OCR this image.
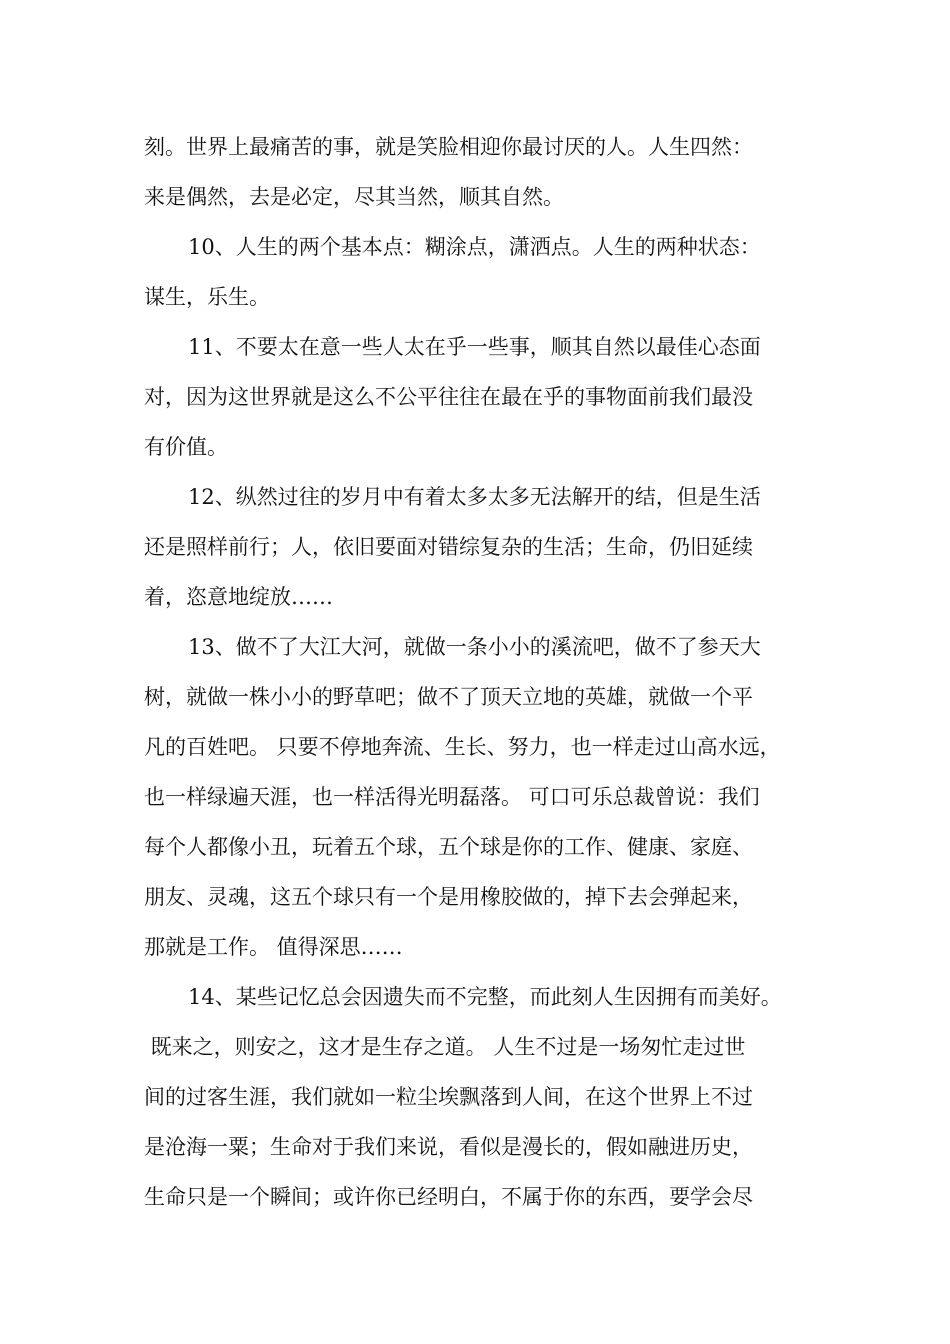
刻。世界上最痛苦的事，就是笑脸相迎你最讨厌的人。人生四然：
来是偶然，去是必定，尽其当然，顺其自然。
10、人生的两个基本点：糊涂点，潇洒点。人生的两种状态：
谋生，乐生。
11、不要太在意一些人太在乎一些事，顺其自然以最佳心态面
对，因为这世界就是这么不公平往往在最在乎的事物面前我们最没
有价值。
12、纵然过往的岁月中有着太多太多无法解开的结，但是生活
还是照样前行；人，依旧要面对错综复杂的生活；生命，仍旧延续
着，恣意地绽放……
13、做不了大江大河，就做一条小小的溪流吧，做不了参天大
树，就做一株小小的野草吧；做不了顶天立地的英雄，就做一个平
凡的百姓吧。 只要不停地奔流、生长、努力，也一样走过山高水远，
也一样绿遍天涯，也一样活得光明磊落。 可口可乐总裁曾说：我们
每个人都像小丑，玩着五个球，五个球是你的工作、健康、家庭、
朋友、灵魂，这五个球只有一个是用橡胶做的，掉下去会弹起来，
那就是工作。 值得深思……
14、某些记忆总会因遗失而不完整，而此刻人生因拥有而美好。
既来之，则安之，这才是生存之道。 人生不过是一场匆忙走过世
间的过客生涯，我们就如一粒尘埃飘落到人间，在这个世界上不过
是沧海一粟；生命对于我们来说，看似是漫长的，假如融进历史，
生命只是一个瞬间；或许你已经明白，不属于你的东西，要学会尽
